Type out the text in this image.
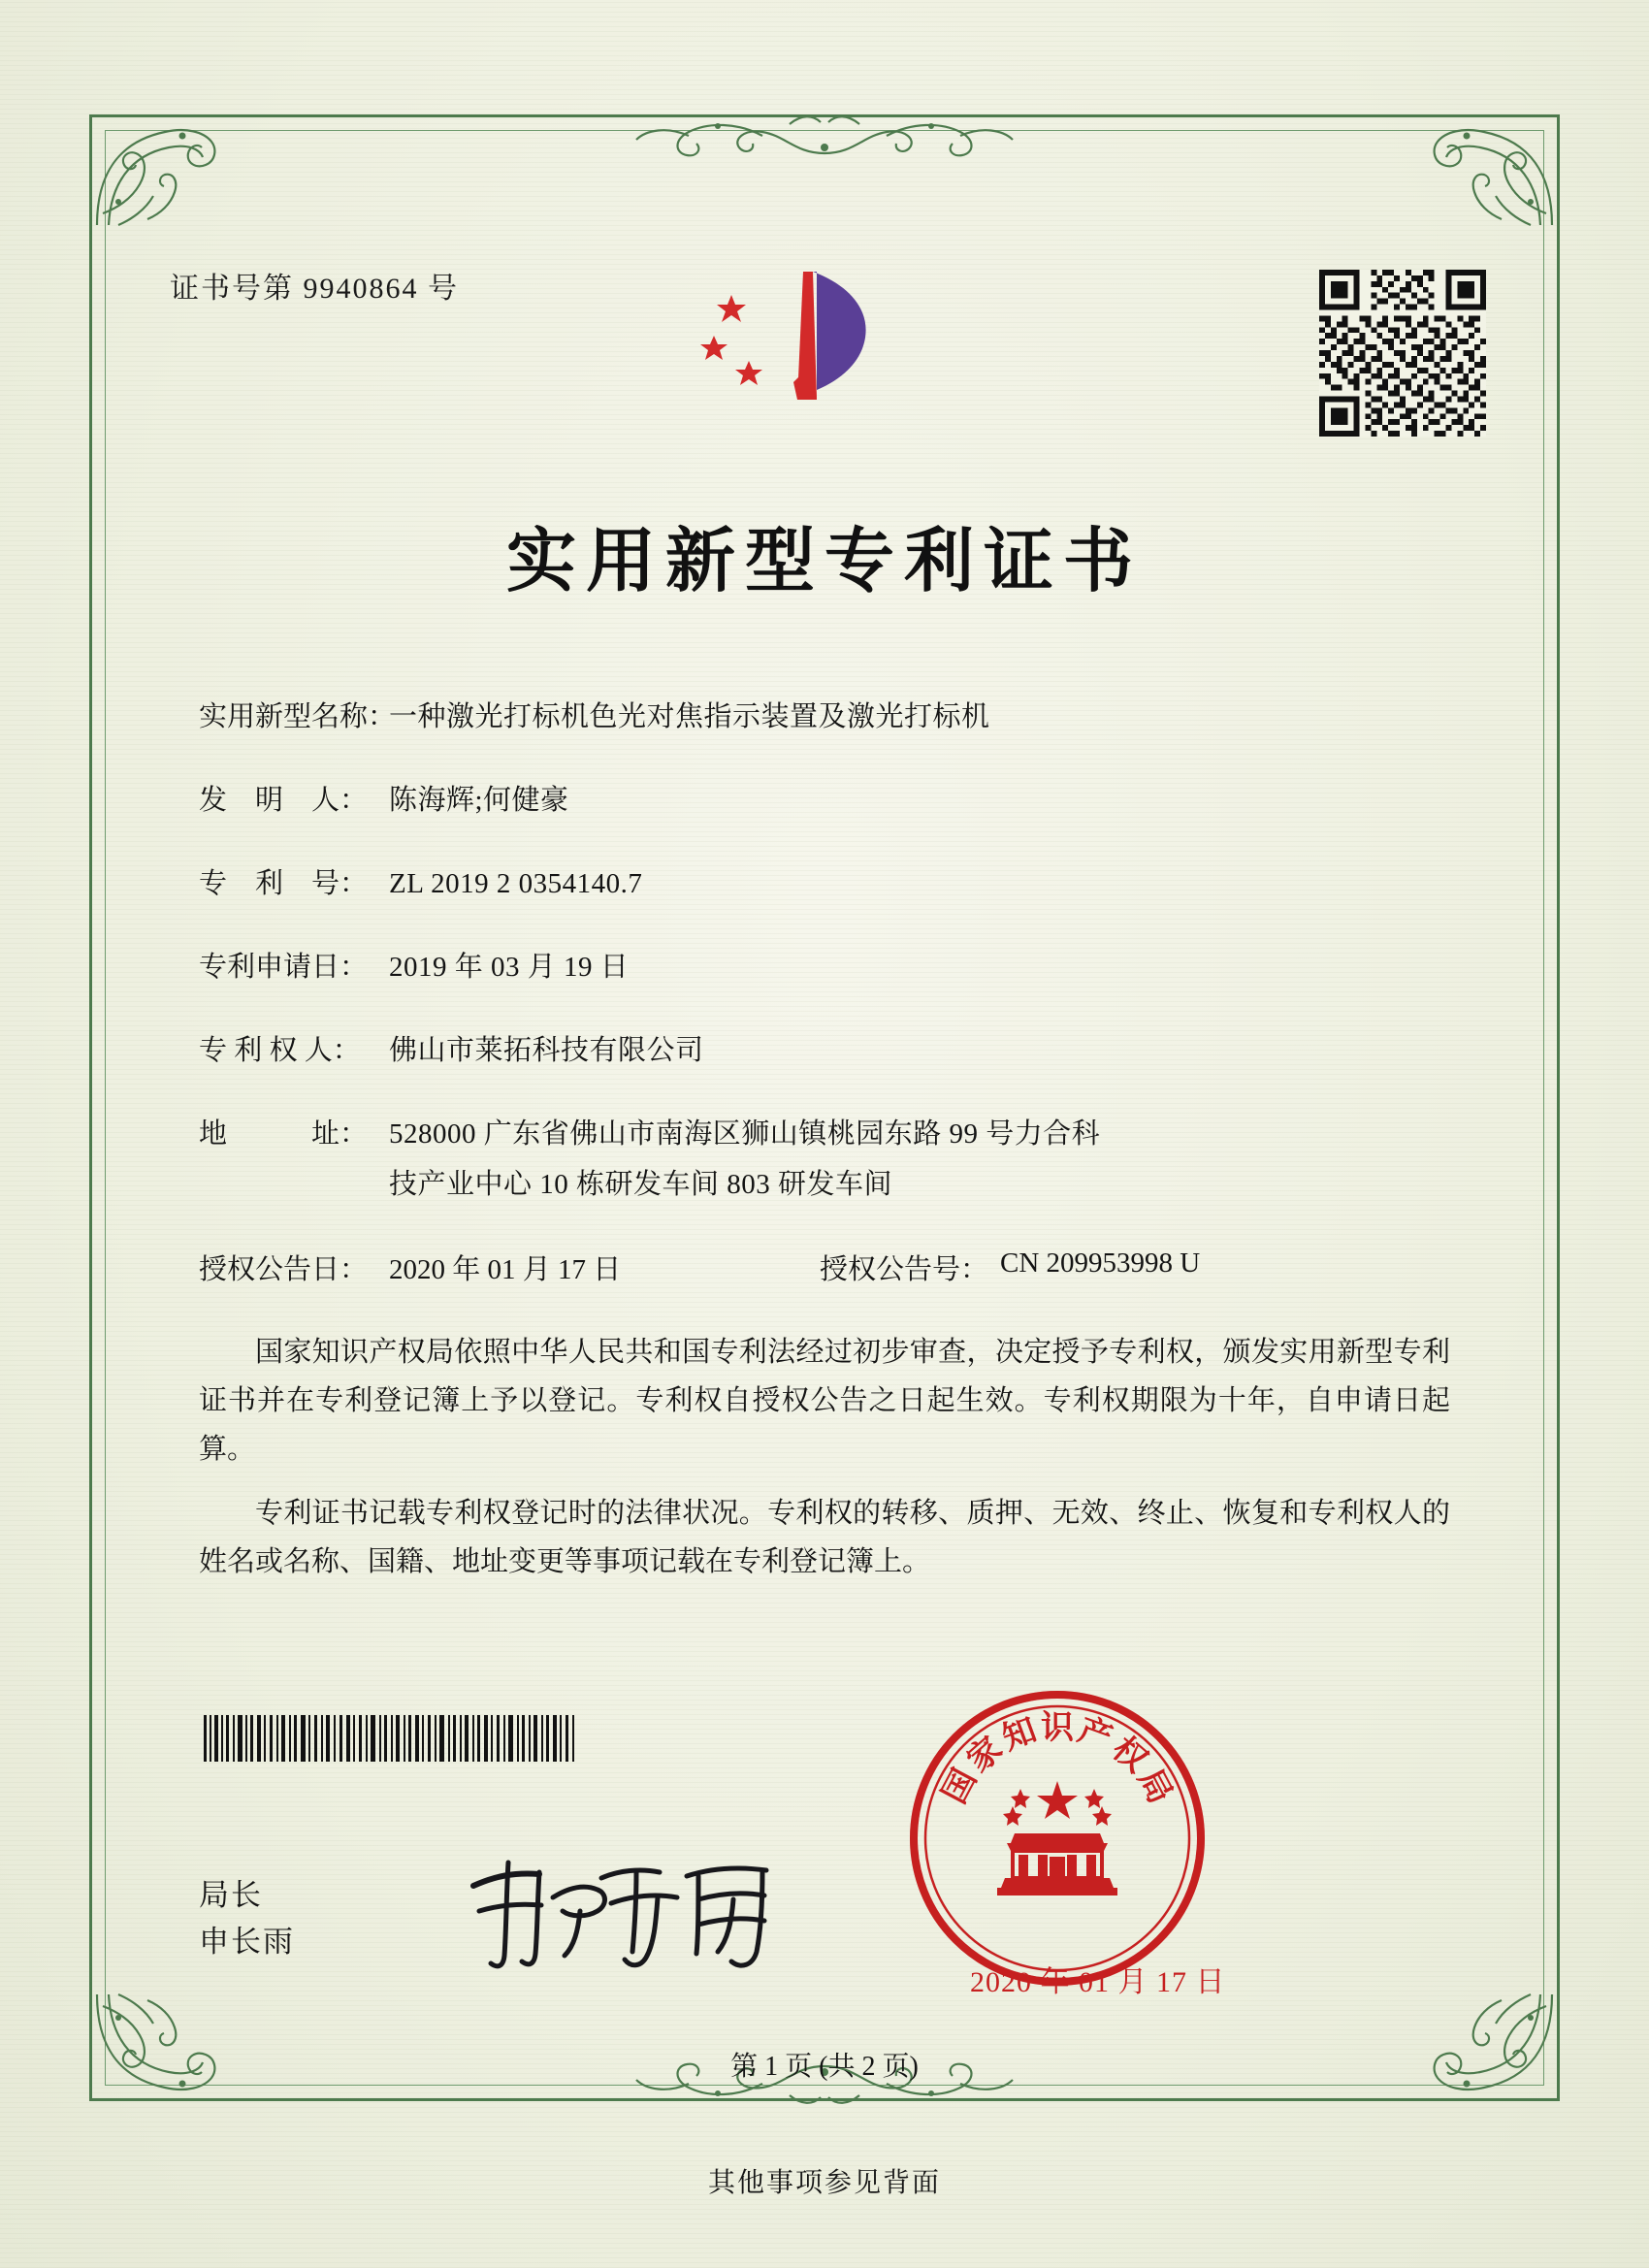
证书号第 9940864 号
实用新型专利证书
实用新型名称：
一种激光打标机色光对焦指示装置及激光打标机
发　明　人： 陈海辉;何健豪
专　利　号： ZL 2019 2 0354140.7
专利申请日： 2019 年 03 月 19 日
专 利 权 人：	佛山市莱拓科技有限公司
地　　　址： 528000 广东省佛山市南海区狮山镇桃园东路 99 号力合科
技产业中心 10 栋研发车间 803 研发车间
授权公告日： 2020 年 01 月 17 日	授权公告号： CN 209953998 U

国家知识产权局依照中华人民共和国专利法经过初步审查，决定授予专利权，颁发实用新型专利证书并在专利登记簿上予以登记。专利权自授权公告之日起生效。专利权期限为十年，自申请日起算。

专利证书记载专利权登记时的法律状况。专利权的转移、质押、无效、终止、恢复和专利权人的姓名或名称、国籍、地址变更等事项记载在专利登记簿上。

局长
申长雨
国
家
知 识 产
权
局
2020 年 01 月 17 日
第 1 页 (共 2 页)
其他事项参见背面
